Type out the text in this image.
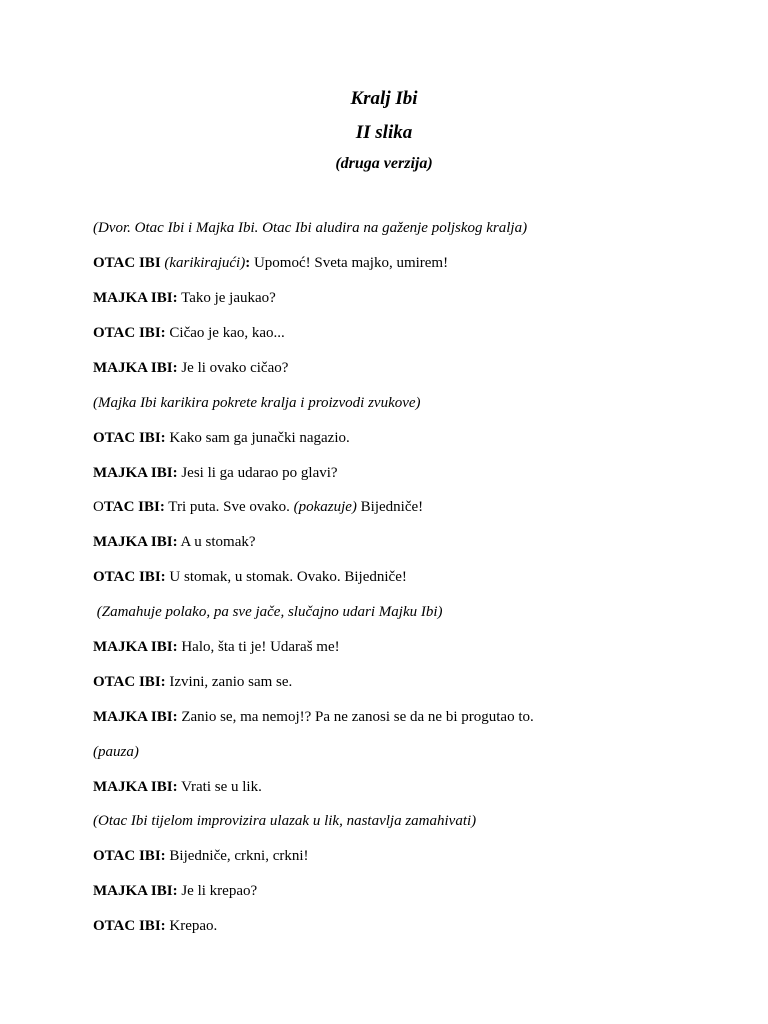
Kralj Ibi
II slika
(druga verzija)

(Dvor. Otac Ibi i Majka Ibi. Otac Ibi aludira na gaženje poljskog kralja)

OTAC IBI (karikirajući): Upomoć! Sveta majko, umirem!

MAJKA IBI: Tako je jaukao?

OTAC IBI: Cičao je kao, kao...

MAJKA IBI: Je li ovako cičao?

(Majka Ibi karikira pokrete kralja i proizvodi zvukove)

OTAC IBI: Kako sam ga junački nagazio.

MAJKA IBI: Jesi li ga udarao po glavi?

OTAC IBI: Tri puta. Sve ovako. (pokazuje) Bijedniče!

MAJKA IBI: A u stomak?

OTAC IBI: U stomak, u stomak. Ovako. Bijedniče!

(Zamahuje polako, pa sve jače, slučajno udari Majku Ibi)

MAJKA IBI: Halo, šta ti je! Udaraš me!

OTAC IBI: Izvini, zanio sam se.

MAJKA IBI: Zanio se, ma nemoj!? Pa ne zanosi se da ne bi progutao to.

(pauza)

MAJKA IBI: Vrati se u lik.

(Otac Ibi tijelom improvizira ulazak u lik, nastavlja zamahivati)

OTAC IBI: Bijedniče, crkni, crkni!

MAJKA IBI: Je li krepao?

OTAC IBI: Krepao.
